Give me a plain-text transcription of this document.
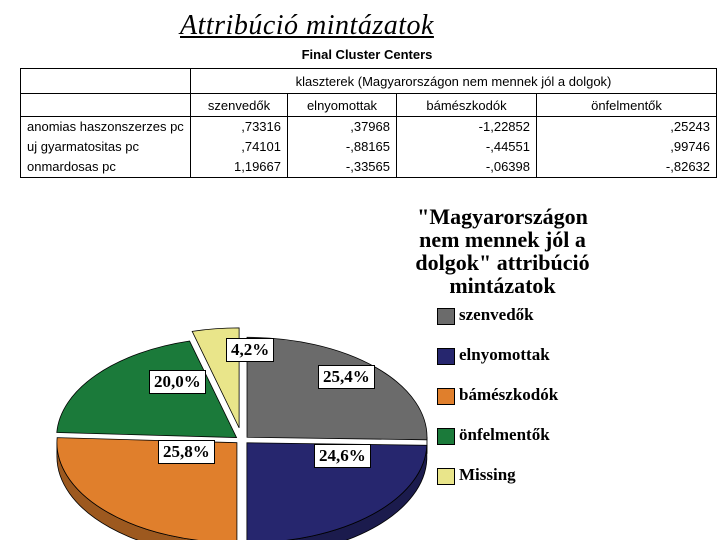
Attribúció mintázatok
Final Cluster Centers
	klaszterek (Magyarországon nem mennek jól a dolgok)			
	szenvedők	elnyomottak	bámészkodók	önfelmentők
anomias haszonszerzes pc	,73316	,37968	-1,22852	,25243
uj gyarmatositas pc	,74101	-,88165	-,44551	,99746
onmardosas pc	1,19667	-,33565	-,06398	-,82632
"Magyarországon nem mennek jól a dolgok" attribúció mintázatok
szenvedők
elnyomottak
bámészkodók
önfelmentők
Missing
25,4%
24,6%
25,8%
20,0%
4,2%
